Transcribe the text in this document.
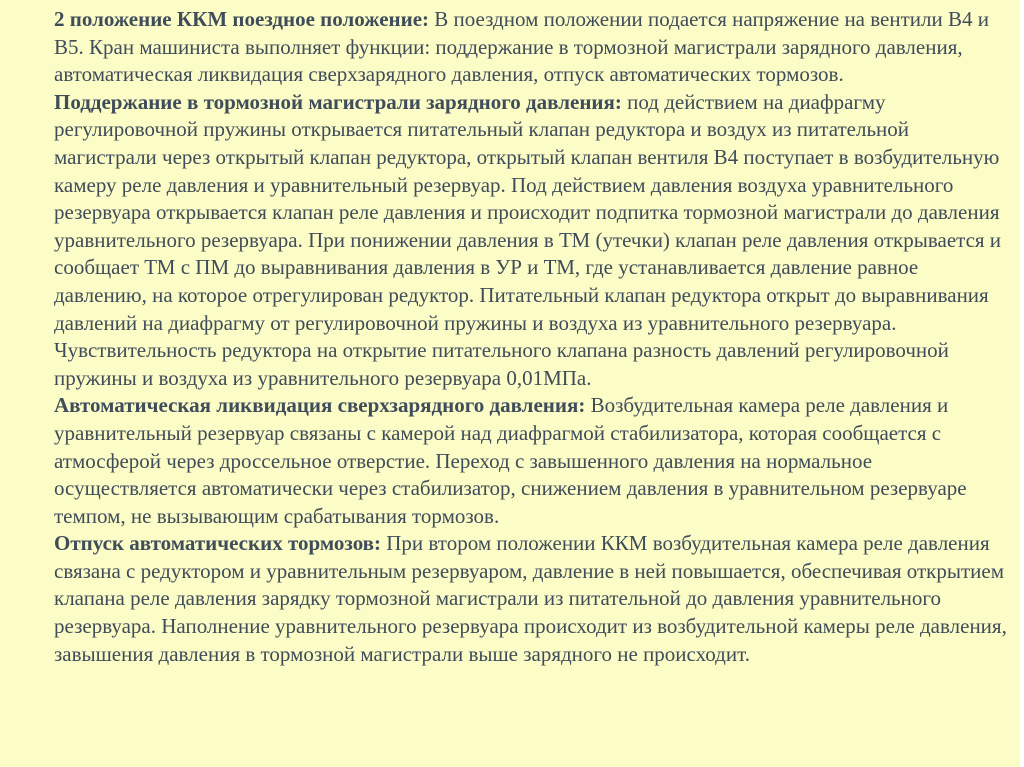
2 положение ККМ поездное положение: В поездном положении подается напряжение на вентили В4 и В5. Кран машиниста выполняет функции: поддержание в тормозной магистрали зарядного давления, автоматическая ликвидация сверхзарядного давления, отпуск автоматических тормозов.

Поддержание в тормозной магистрали зарядного давления: под действием на диафрагму регулировочной пружины открывается питательный клапан редуктора и воздух из питательной магистрали через открытый клапан редуктора, открытый клапан вентиля В4 поступает в возбудительную камеру реле давления и уравнительный резервуар. Под действием давления воздуха уравнительного резервуара открывается клапан реле давления и происходит подпитка тормозной магистрали до давления уравнительного резервуара. При понижении давления в ТМ (утечки) клапан реле давления открывается и сообщает ТМ с ПМ до выравнивания давления в УР и ТМ, где устанавливается давление равное давлению, на которое отрегулирован редуктор. Питательный клапан редуктора открыт до выравнивания давлений на диафрагму от регулировочной пружины и воздуха из уравнительного резервуара. Чувствительность редуктора на открытие питательного клапана разность давлений регулировочной пружины и воздуха из уравнительного резервуара 0,01МПа.

Автоматическая ликвидация сверхзарядного давления: Возбудительная камера реле давления и уравнительный резервуар связаны с камерой над диафрагмой стабилизатора, которая сообщается с атмосферой через дроссельное отверстие. Переход с завышенного давления на нормальное осуществляется автоматически через стабилизатор, снижением давления в уравнительном резервуаре темпом, не вызывающим срабатывания тормозов.

Отпуск автоматических тормозов: При втором положении ККМ возбудительная камера реле давления связана с редуктором и уравнительным резервуаром, давление в ней повышается, обеспечивая открытием клапана реле давления зарядку тормозной магистрали из питательной до давления уравнительного резервуара. Наполнение уравнительного резервуара происходит из возбудительной камеры реле давления, завышения давления в тормозной магистрали выше зарядного не происходит.
